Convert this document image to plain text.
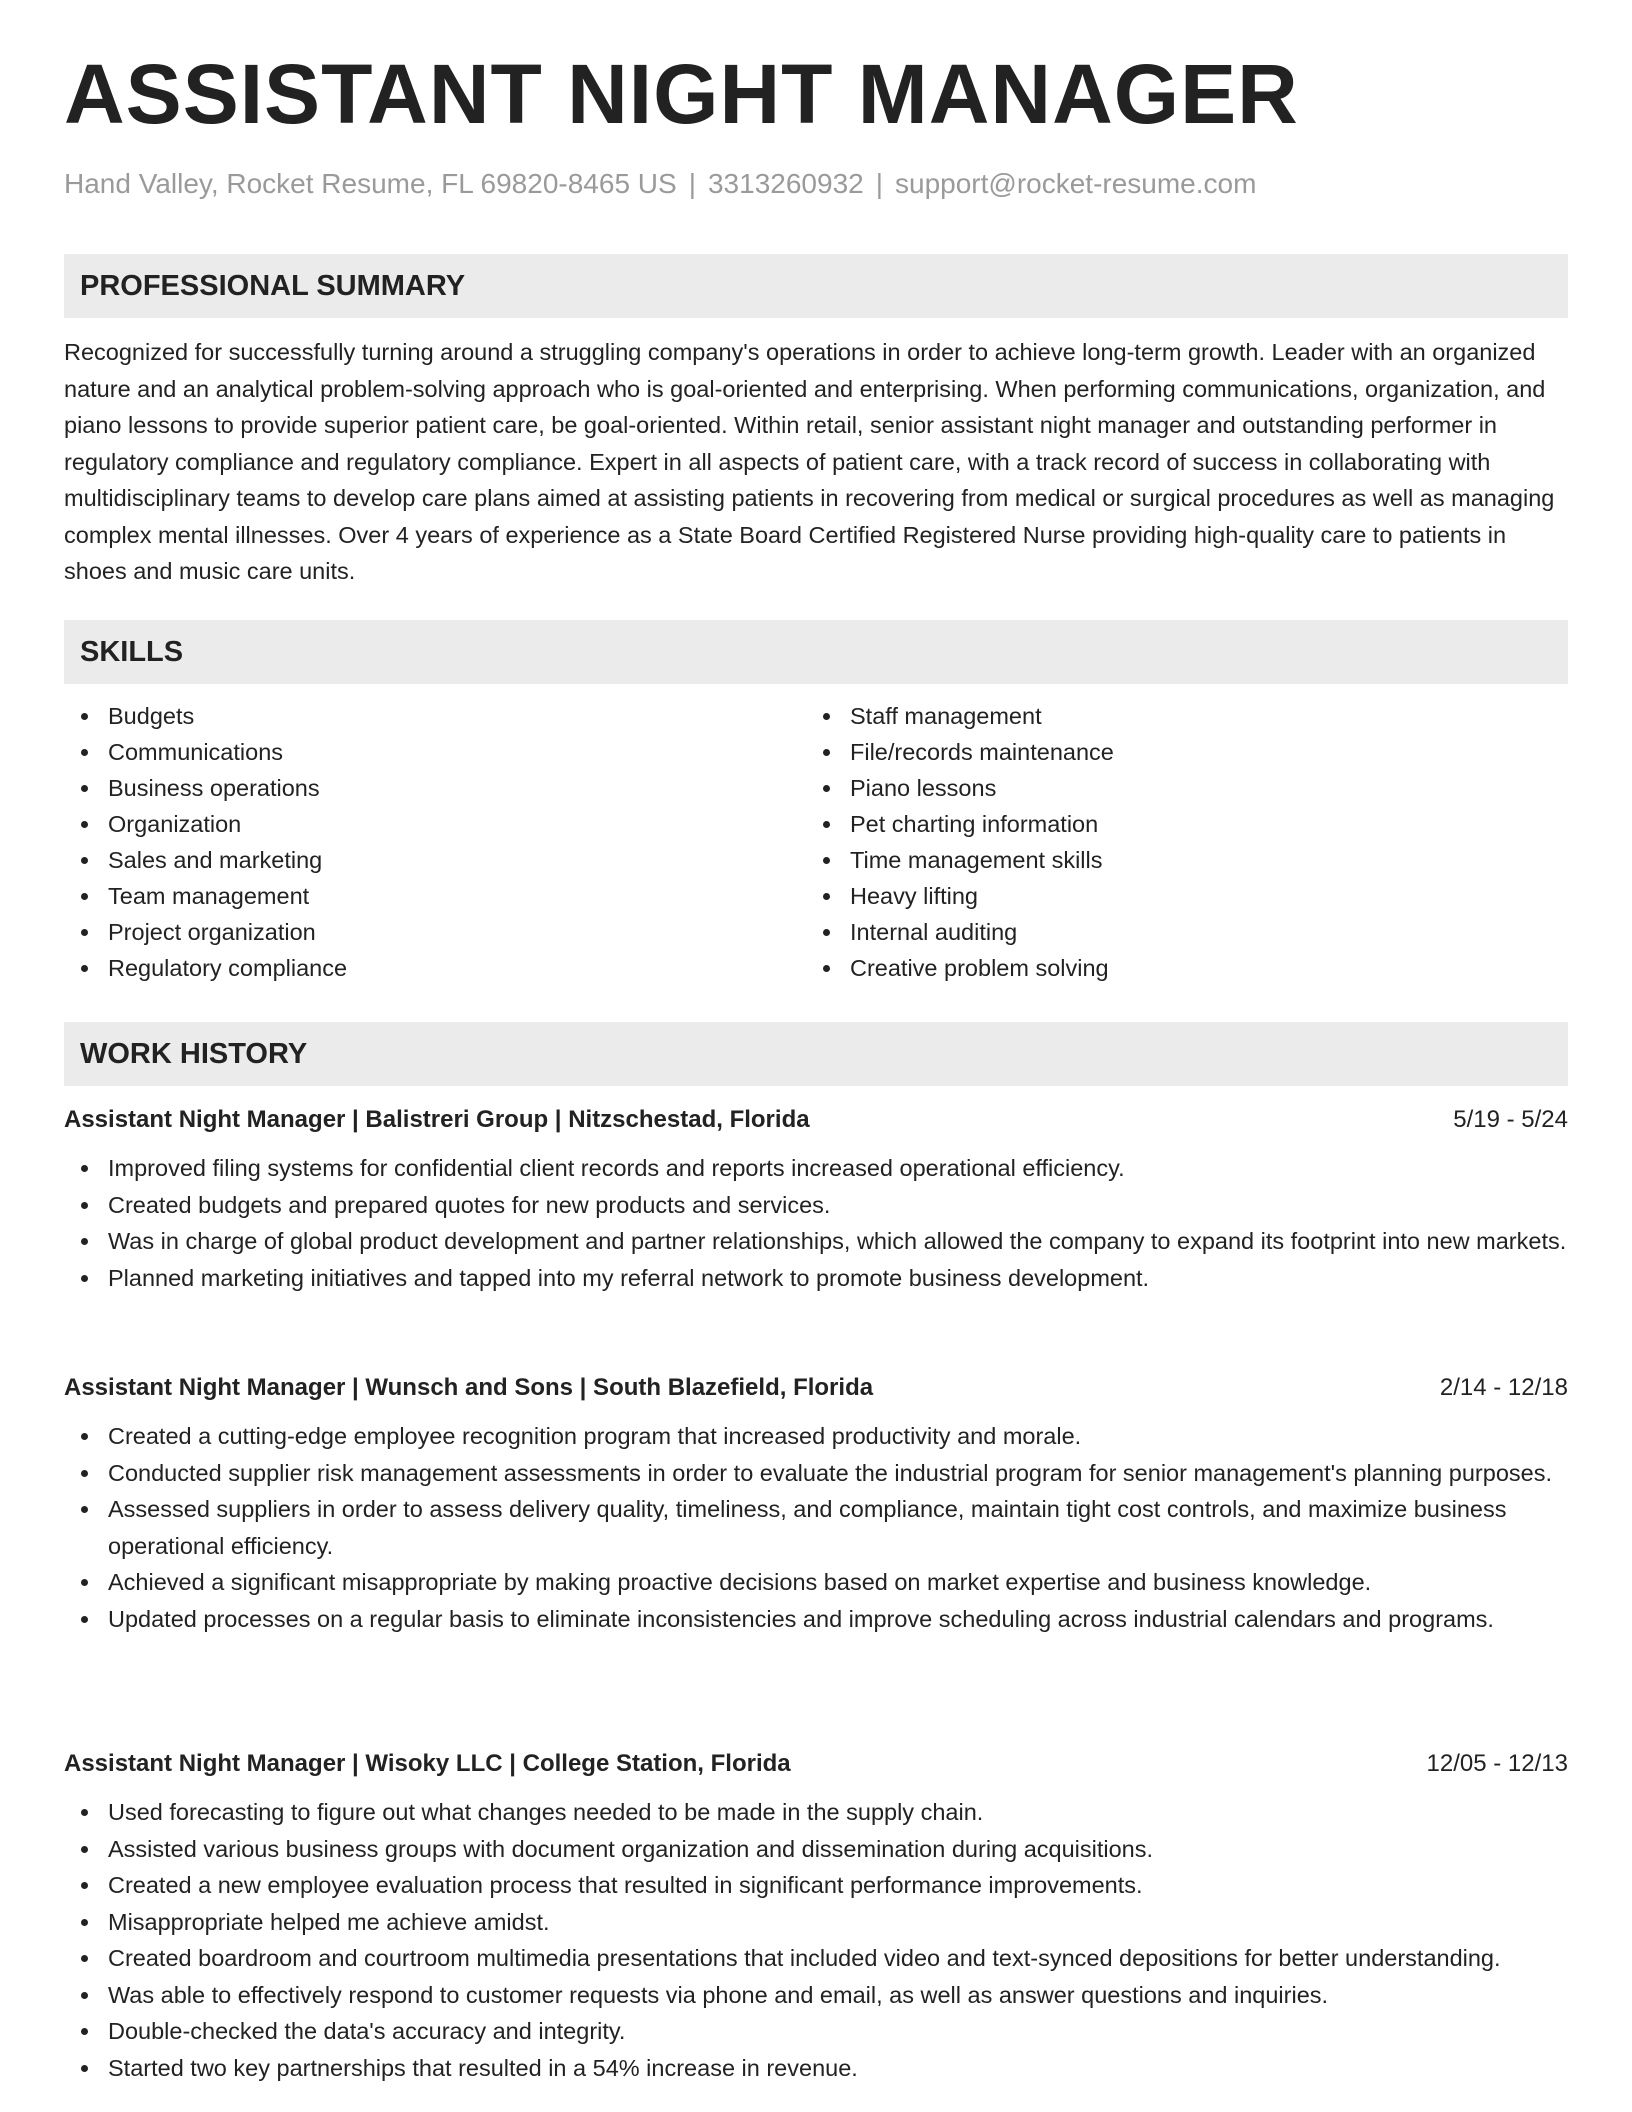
ASSISTANT NIGHT MANAGER
Hand Valley, Rocket Resume, FL 69820-8465 US | 3313260932 | support@rocket-resume.com
PROFESSIONAL SUMMARY

Recognized for successfully turning around a struggling company's operations in order to achieve long-term growth. Leader with an organized nature and an analytical problem-solving approach who is goal-oriented and enterprising. When performing communications, organization, and piano lessons to provide superior patient care, be goal-oriented. Within retail, senior assistant night manager and outstanding performer in regulatory compliance and regulatory compliance. Expert in all aspects of patient care, with a track record of success in collaborating with multidisciplinary teams to develop care plans aimed at assisting patients in recovering from medical or surgical procedures as well as managing complex mental illnesses. Over 4 years of experience as a State Board Certified Registered Nurse providing high-quality care to patients in shoes and music care units.

SKILLS
Budgets
Communications
Business operations
Organization
Sales and marketing
Team management
Project organization
Regulatory compliance
Staff management
File/records maintenance
Piano lessons
Pet charting information
Time management skills
Heavy lifting
Internal auditing
Creative problem solving
WORK HISTORY
Assistant Night Manager | Balistreri Group | Nitzschestad, Florida	5/19 - 5/24
Improved filing systems for confidential client records and reports increased operational efficiency.
Created budgets and prepared quotes for new products and services.
Was in charge of global product development and partner relationships, which allowed the company to expand its footprint into new markets.
Planned marketing initiatives and tapped into my referral network to promote business development.
Assistant Night Manager | Wunsch and Sons | South Blazefield, Florida	2/14 - 12/18
Created a cutting-edge employee recognition program that increased productivity and morale.
Conducted supplier risk management assessments in order to evaluate the industrial program for senior management's planning purposes.
Assessed suppliers in order to assess delivery quality, timeliness, and compliance, maintain tight cost controls, and maximize business operational efficiency.
Achieved a significant misappropriate by making proactive decisions based on market expertise and business knowledge.
Updated processes on a regular basis to eliminate inconsistencies and improve scheduling across industrial calendars and programs.
Assistant Night Manager | Wisoky LLC | College Station, Florida	12/05 - 12/13
Used forecasting to figure out what changes needed to be made in the supply chain.
Assisted various business groups with document organization and dissemination during acquisitions.
Created a new employee evaluation process that resulted in significant performance improvements.
Misappropriate helped me achieve amidst.
Created boardroom and courtroom multimedia presentations that included video and text-synced depositions for better understanding.
Was able to effectively respond to customer requests via phone and email, as well as answer questions and inquiries.
Double-checked the data's accuracy and integrity.
Started two key partnerships that resulted in a 54% increase in revenue.
